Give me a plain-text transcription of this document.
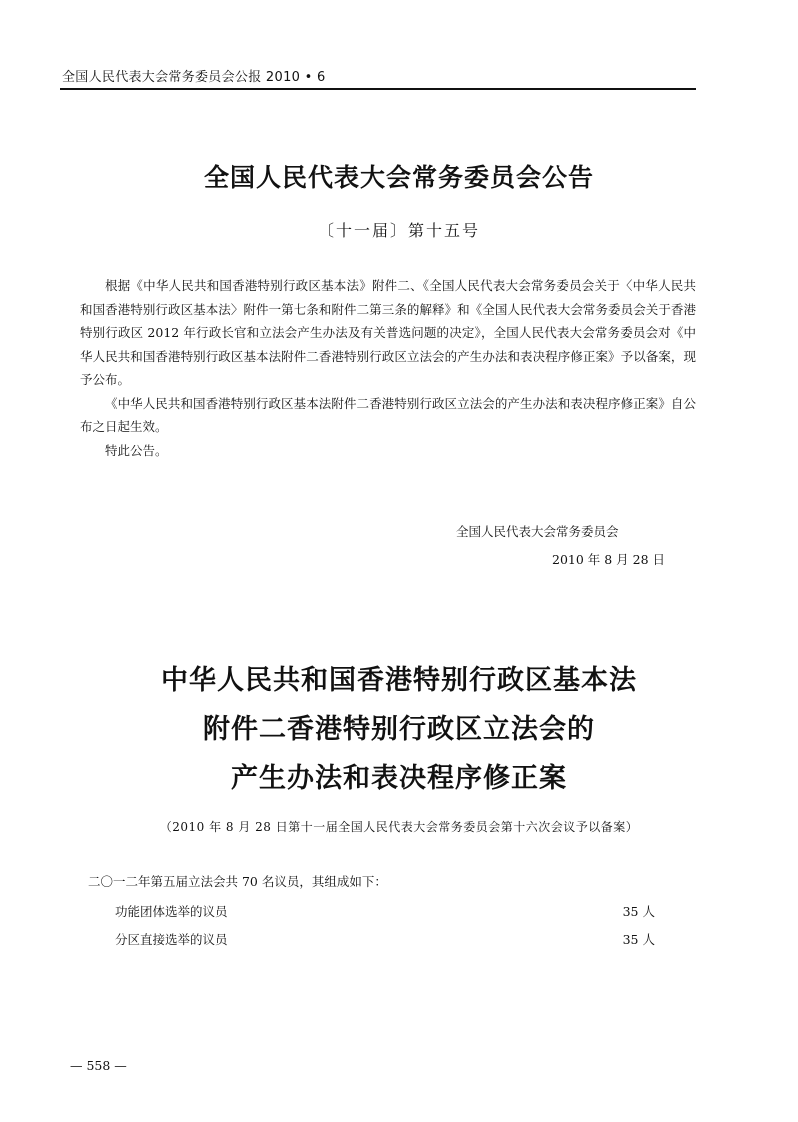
全国人民代表大会常务委员会公报 2010 • 6
全国人民代表大会常务委员会公告
〔十一届〕第十五号

根据《中华人民共和国香港特别行政区基本法》附件二、《全国人民代表大会常务委员会关于〈中华人民共和国香港特别行政区基本法〉附件一第七条和附件二第三条的解释》和《全国人民代表大会常务委员会关于香港特别行政区 2012 年行政长官和立法会产生办法及有关普选问题的决定》，全国人民代表大会常务委员会对《中华人民共和国香港特别行政区基本法附件二香港特别行政区立法会的产生办法和表决程序修正案》予以备案，现予公布。

《中华人民共和国香港特别行政区基本法附件二香港特别行政区立法会的产生办法和表决程序修正案》自公布之日起生效。

特此公告。

全国人民代表大会常务委员会
2010 年 8 月 28 日
中华人民共和国香港特别行政区基本法
附件二香港特别行政区立法会的
产生办法和表决程序修正案
（2010 年 8 月 28 日第十一届全国人民代表大会常务委员会第十六次会议予以备案）
二〇一二年第五届立法会共 70 名议员，其组成如下：
功能团体选举的议员	35 人
分区直接选举的议员	35 人
— 558 —
